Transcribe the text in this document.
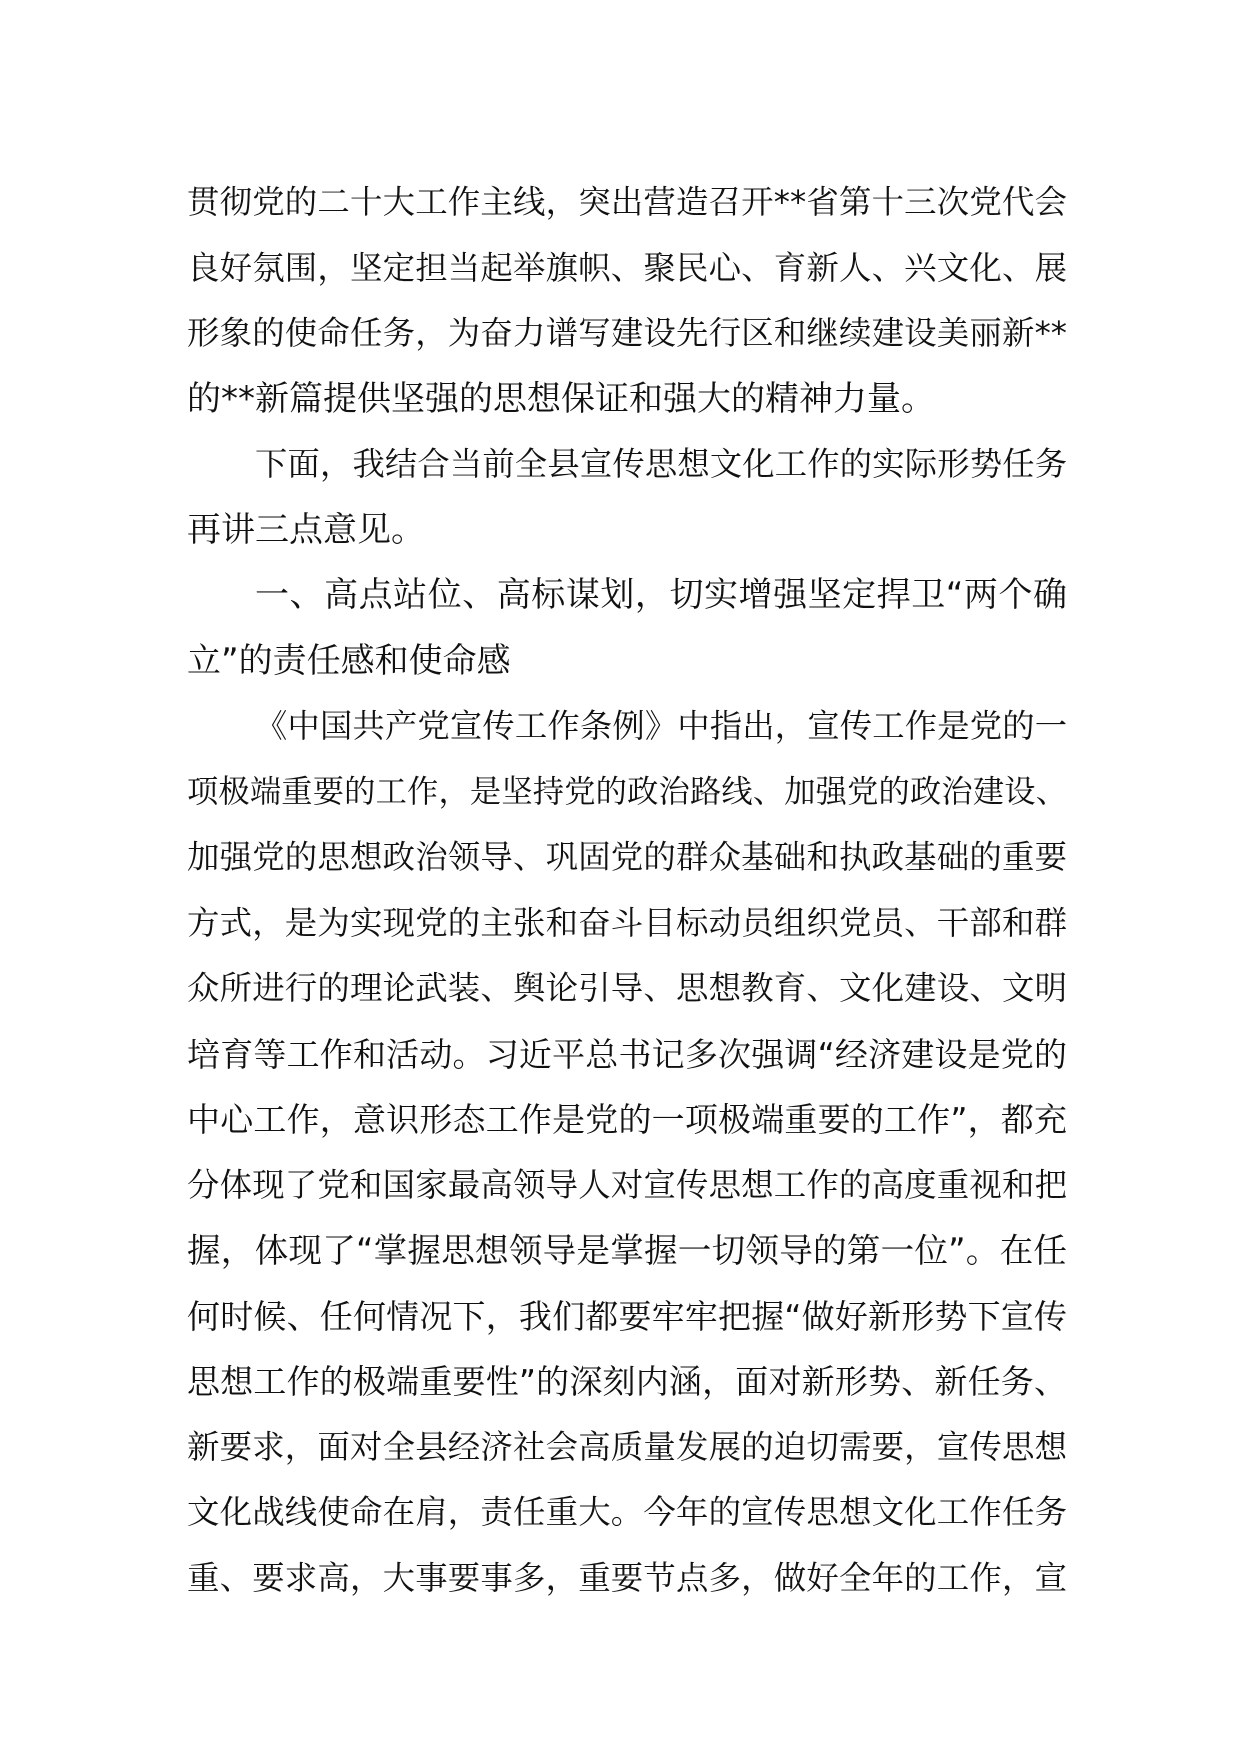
贯彻党的二十大工作主线，突出营造召开**省第十三次党代会
良好氛围，坚定担当起举旗帜、聚民心、育新人、兴文化、展
形象的使命任务，为奋力谱写建设先行区和继续建设美丽新**
的**新篇提供坚强的思想保证和强大的精神力量。
下面，我结合当前全县宣传思想文化工作的实际形势任务
再讲三点意见。
一、高点站位、高标谋划，切实增强坚定捍卫“两个确
立”的责任感和使命感
《中国共产党宣传工作条例》中指出，宣传工作是党的一
项极端重要的工作，是坚持党的政治路线、加强党的政治建设、
加强党的思想政治领导、巩固党的群众基础和执政基础的重要
方式，是为实现党的主张和奋斗目标动员组织党员、干部和群
众所进行的理论武装、舆论引导、思想教育、文化建设、文明
培育等工作和活动。习近平总书记多次强调“经济建设是党的
中心工作，意识形态工作是党的一项极端重要的工作”，都充
分体现了党和国家最高领导人对宣传思想工作的高度重视和把
握，体现了“掌握思想领导是掌握一切领导的第一位”。在任
何时候、任何情况下，我们都要牢牢把握“做好新形势下宣传
思想工作的极端重要性”的深刻内涵，面对新形势、新任务、
新要求，面对全县经济社会高质量发展的迫切需要，宣传思想
文化战线使命在肩，责任重大。今年的宣传思想文化工作任务
重、要求高，大事要事多，重要节点多，做好全年的工作，宣
